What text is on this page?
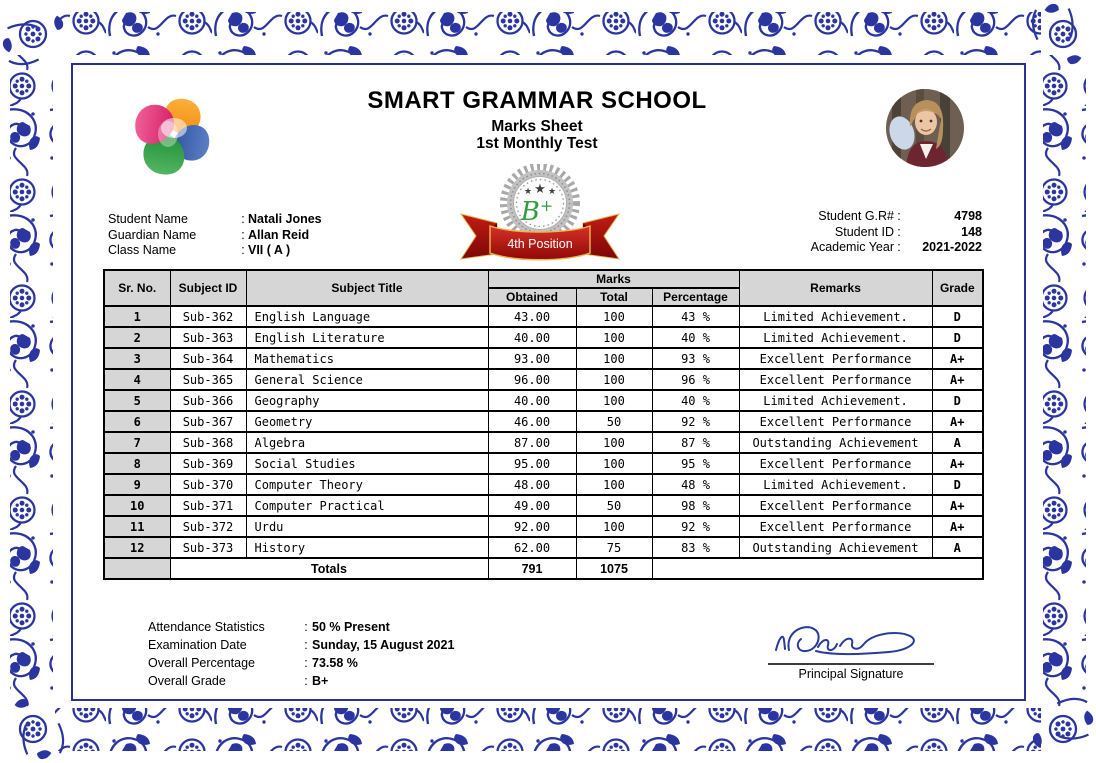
SMART GRAMMAR SCHOOL
Marks Sheet
1st Monthly Test
★ ★ ★
B+
4th Position
Student Name	: Natali Jones
Guardian Name	: Allan Reid
Class Name	: VII ( A )
Student G.R# :	4798
Student ID :	148
Academic Year :	2021-2022
Sr. No.	Subject ID	Subject Title	Marks			Remarks	Grade
			Obtained	Total	Percentage		
1	Sub-362	English Language	43.00	100	43 %	Limited Achievement.	D
2	Sub-363	English Literature	40.00	100	40 %	Limited Achievement.	D
3	Sub-364	Mathematics	93.00	100	93 %	Excellent Performance	A+
4	Sub-365	General Science	96.00	100	96 %	Excellent Performance	A+
5	Sub-366	Geography	40.00	100	40 %	Limited Achievement.	D
6	Sub-367	Geometry	46.00	50	92 %	Excellent Performance	A+
7	Sub-368	Algebra	87.00	100	87 %	Outstanding Achievement	A
8	Sub-369	Social Studies	95.00	100	95 %	Excellent Performance	A+
9	Sub-370	Computer Theory	48.00	100	48 %	Limited Achievement.	D
10	Sub-371	Computer Practical	49.00	50	98 %	Excellent Performance	A+
11	Sub-372	Urdu	92.00	100	92 %	Excellent Performance	A+
12	Sub-373	History	62.00	75	83 %	Outstanding Achievement	A
	Totals		791	1075			
Attendance Statistics	: 50 % Present
Examination Date	: Sunday, 15 August 2021
Overall Percentage	: 73.58 %
Overall Grade	: B+	Principal Signature
